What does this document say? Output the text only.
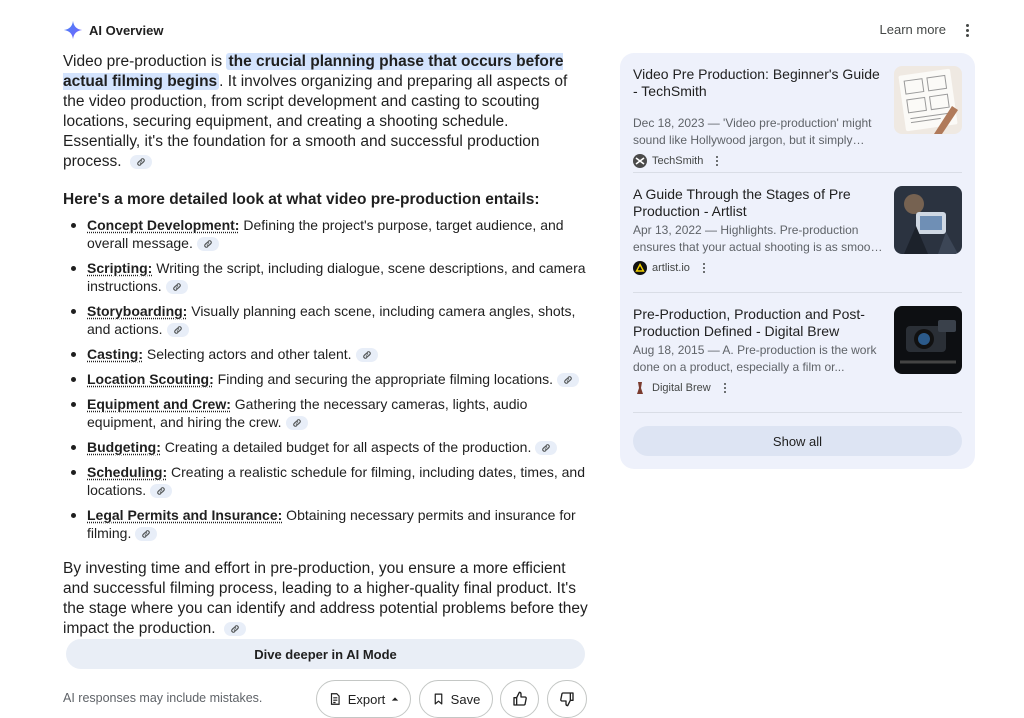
AI Overview	Learn more

Video pre-production is the crucial planning phase that occurs before actual filming begins . It involves organizing and preparing all aspects of the video production, from script development and casting to scouting locations, securing equipment, and creating a shooting schedule. Essentially, it's the foundation for a smooth and successful production process.

Here's a more detailed look at what video pre-production entails:

Concept Development: Defining the project's purpose, target audience, and overall message.
Scripting: Writing the script, including dialogue, scene descriptions, and camera instructions.
Storyboarding: Visually planning each scene, including camera angles, shots, and actions.
Casting: Selecting actors and other talent.
Location Scouting: Finding and securing the appropriate filming locations.
Equipment and Crew: Gathering the necessary cameras, lights, audio equipment, and hiring the crew.
Budgeting: Creating a detailed budget for all aspects of the production.
Scheduling: Creating a realistic schedule for filming, including dates, times, and locations.
Legal Permits and Insurance: Obtaining necessary permits and insurance for filming.

By investing time and effort in pre-production, you ensure a more efficient and successful filming process, leading to a higher-quality final product. It's the stage where you can identify and address potential problems before they impact the production.

Dive deeper in AI Mode
AI responses may include mistakes.	Export	Save
Video Pre Production: Beginner's Guide - TechSmith
Dec 18, 2023 — 'Video pre-production' might sound like Hollywood jargon, but it simply
TechSmith
A Guide Through the Stages of Pre Production - Artlist
Apr 13, 2022 — Highlights. Pre-production ensures that your actual shooting is as smooth
artlist.io
Pre-Production, Production and Post-Production Defined - Digital Brew
Aug 18, 2015 — A. Pre-production is the work done on a product, especially a film or...
Digital Brew
Show all
